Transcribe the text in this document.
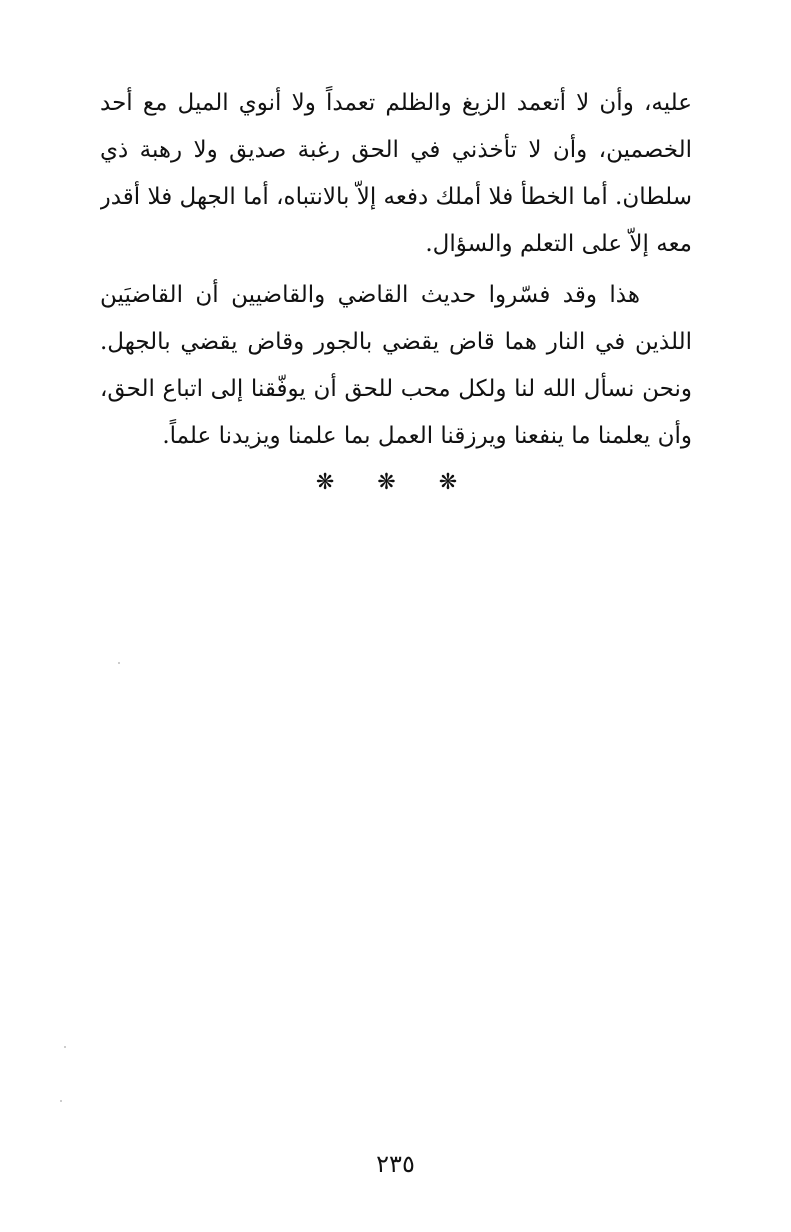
عليه، وأن لا أتعمد الزيغ والظلم تعمداً ولا أنوي الميل مع أحد
الخصمين، وأن لا تأخذني في الحق رغبة صديق ولا رهبة ذي
سلطان. أما الخطأ فلا أملك دفعه إلاّ بالانتباه، أما الجهل فلا أقدر
معه إلاّ على التعلم والسؤال.
هذا وقد فسّروا حديث القاضي والقاضيين أن القاضيَين
اللذين في النار هما قاض يقضي بالجور وقاض يقضي بالجهل.
ونحن نسأل الله لنا ولكل محب للحق أن يوفّقنا إلى اتباع الحق،
وأن يعلمنا ما ينفعنا ويرزقنا العمل بما علمنا ويزيدنا علماً.
❋ ❋ ❋
٢٣٥
